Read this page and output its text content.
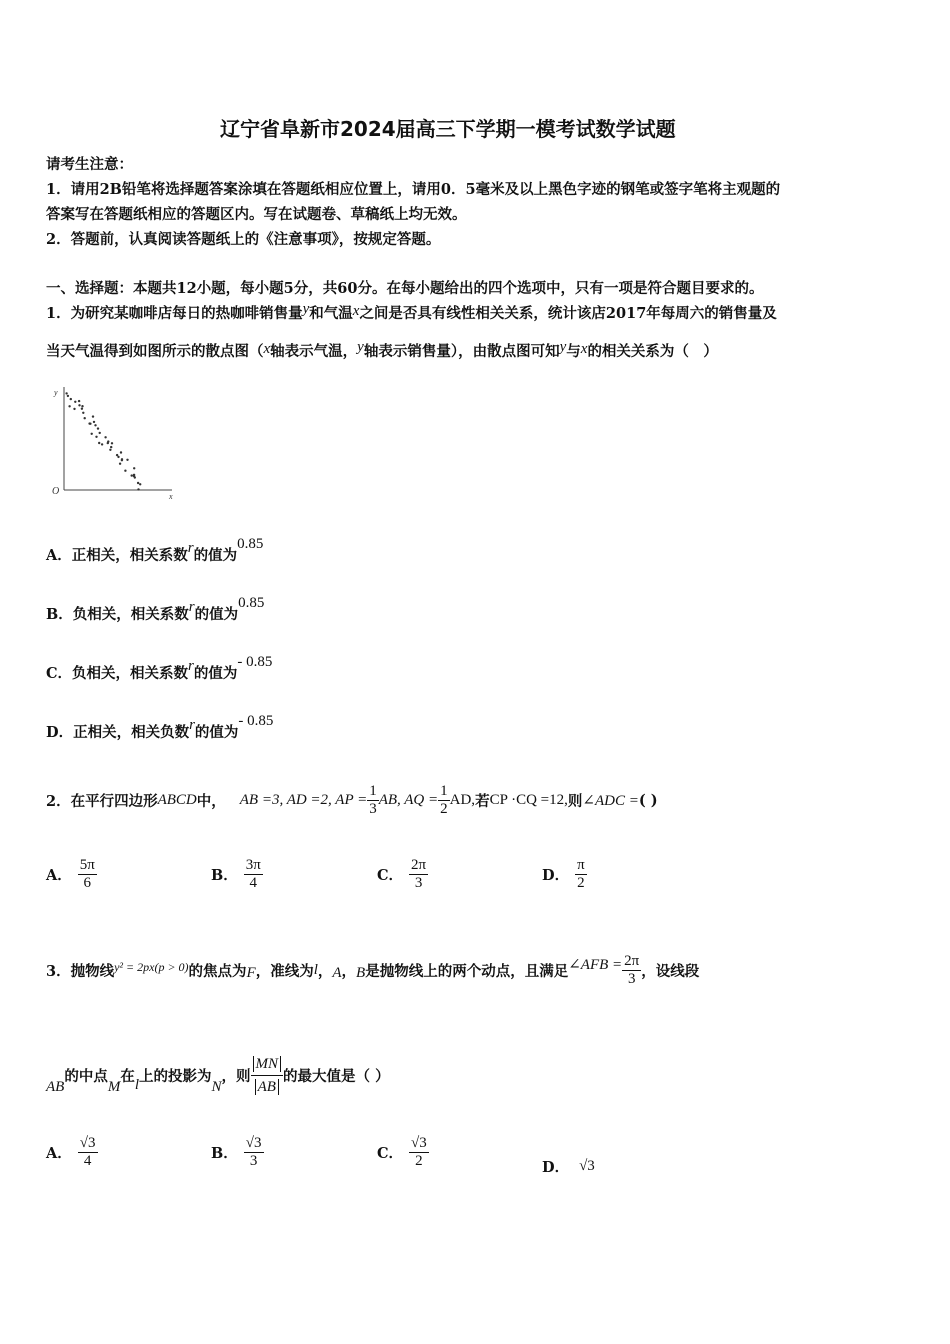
辽宁省阜新市2024届高三下学期一模考试数学试题
请考生注意：
1．请用2B铅笔将选择题答案涂填在答题纸相应位置上，请用0．5毫米及以上黑色字迹的钢笔或签字笔将主观题的
答案写在答题纸相应的答题区内。写在试题卷、草稿纸上均无效。
2．答题前，认真阅读答题纸上的《注意事项》，按规定答题。
一、选择题：本题共12小题，每小题5分，共60分。在每小题给出的四个选项中，只有一项是符合题目要求的。
1．为研究某咖啡店每日的热咖啡销售量y和气温x之间是否具有线性相关关系，统计该店2017年每周六的销售量及
当天气温得到如图所示的散点图（x轴表示气温，y轴表示销售量），由散点图可知y与x的相关关系为（　）
y
x
O
A．正相关，相关系数r的值为0.85
B．负相关，相关系数r的值为0.85
C．负相关，相关系数r的值为- 0.85
D．正相关，相关负数r的值为- 0.85
2．在平行四边形 ABCD 中， AB =3, AD =2, AP = $\frac{1}{3}$ AB, AQ = $\frac{1}{2}$ AD, 若 CP ·CQ =12, 则 ∠ADC = ( )
A． $\frac{5\pi}{6}$	B． $\frac{3\pi}{4}$	C． $\frac{2\pi}{3}$	D． $\frac{\pi}{2}$
3．抛物线 y² = 2px(p > 0) 的焦点为 F ，准线为 l ， A ， B 是抛物线上的两个动点，且满足 ∠AFB = $\frac{2\pi}{3}$ ，设线段
AB
的中点
M
在 l 上的投影为
N
，则 $\frac{MN}{AB}$ 的最大值是（ ）
A． $\frac{√3}{4}$	B． $\frac{√3}{3}$	C． $\frac{√3}{2}$	D． √3
